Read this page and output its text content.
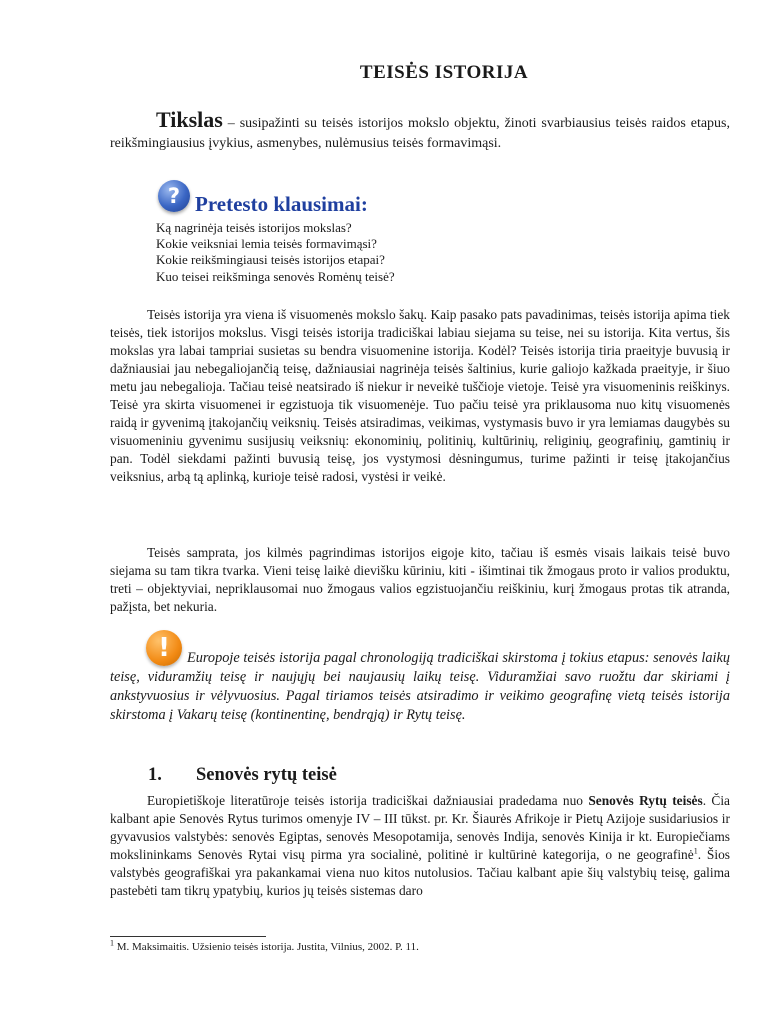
TEISĖS ISTORIJA

Tikslas – susipažinti su teisės istorijos mokslo objektu, žinoti svarbiausius teisės raidos etapus, reikšmingiausius įvykius, asmenybes, nulėmusius teisės formavimąsi.

? Pretesto klausimai:
Ką nagrinėja teisės istorijos mokslas?
Kokie veiksniai lemia teisės formavimąsi?
Kokie reikšmingiausi teisės istorijos etapai?
Kuo teisei reikšminga senovės Romėnų teisė?

Teisės istorija yra viena iš visuomenės mokslo šakų. Kaip pasako pats pavadinimas, teisės istorija apima tiek teisės, tiek istorijos mokslus. Visgi teisės istorija tradiciškai labiau siejama su teise, nei su istorija. Kita vertus, šis mokslas yra labai tampriai susietas su bendra visuomenine istorija. Kodėl? Teisės istorija tiria praeityje buvusią ir dažniausiai jau nebegaliojančią teisę, dažniausiai nagrinėja teisės šaltinius, kurie galiojo kažkada praeityje, ir šiuo metu jau nebegalioja. Tačiau teisė neatsirado iš niekur ir neveikė tuščioje vietoje. Teisė yra visuomeninis reiškinys. Teisė yra skirta visuomenei ir egzistuoja tik visuomenėje. Tuo pačiu teisė yra priklausoma nuo kitų visuomenės raidą ir gyvenimą įtakojančių veiksnių. Teisės atsiradimas, veikimas, vystymasis buvo ir yra lemiamas daugybės su visuomeniniu gyvenimu susijusių veiksnių: ekonominių, politinių, kultūrinių, religinių, geografinių, gamtinių ir pan. Todėl siekdami pažinti buvusią teisę, jos vystymosi dėsningumus, turime pažinti ir teisę įtakojančius veiksnius, arbą tą aplinką, kurioje teisė radosi, vystėsi ir veikė.

Teisės samprata, jos kilmės pagrindimas istorijos eigoje kito, tačiau iš esmės visais laikais teisė buvo siejama su tam tikra tvarka. Vieni teisę laikė dievišku kūriniu, kiti - išimtinai tik žmogaus proto ir valios produktu, treti – objektyviai, nepriklausomai nuo žmogaus valios egzistuojančiu reiškiniu, kurį žmogaus protas tik atranda, pažįsta, bet nekuria.

!	Europoje teisės istorija pagal chronologiją tradiciškai skirstoma į tokius etapus: senovės laikų teisę, viduramžių teisę ir naujųjų bei naujausių laikų teisę. Viduramžiai savo ruožtu dar skiriami į ankstyvuosius ir vėlyvuosius. Pagal tiriamos teisės atsiradimo ir veikimo geografinę vietą teisės istorija skirstoma į Vakarų teisę (kontinentinę, bendrąją) ir Rytų teisę.

1. Senovės rytų teisė

Europietiškoje literatūroje teisės istorija tradiciškai dažniausiai pradedama nuo Senovės Rytų teisės. Čia kalbant apie Senovės Rytus turimos omenyje IV – III tūkst. pr. Kr. Šiaurės Afrikoje ir Pietų Azijoje susidariusios ir gyvavusios valstybės: senovės Egiptas, senovės Mesopotamija, senovės Indija, senovės Kinija ir kt. Europiečiams mokslininkams Senovės Rytai visų pirma yra socialinė, politinė ir kultūrinė kategorija, o ne geografinė$^1$. Šios valstybės geografiškai yra pakankamai viena nuo kitos nutolusios. Tačiau kalbant apie šių valstybių teisę, galima pastebėti tam tikrų ypatybių, kurios jų teisės sistemas daro

$^1$ M. Maksimaitis. Užsienio teisės istorija. Justita, Vilnius, 2002. P. 11.
